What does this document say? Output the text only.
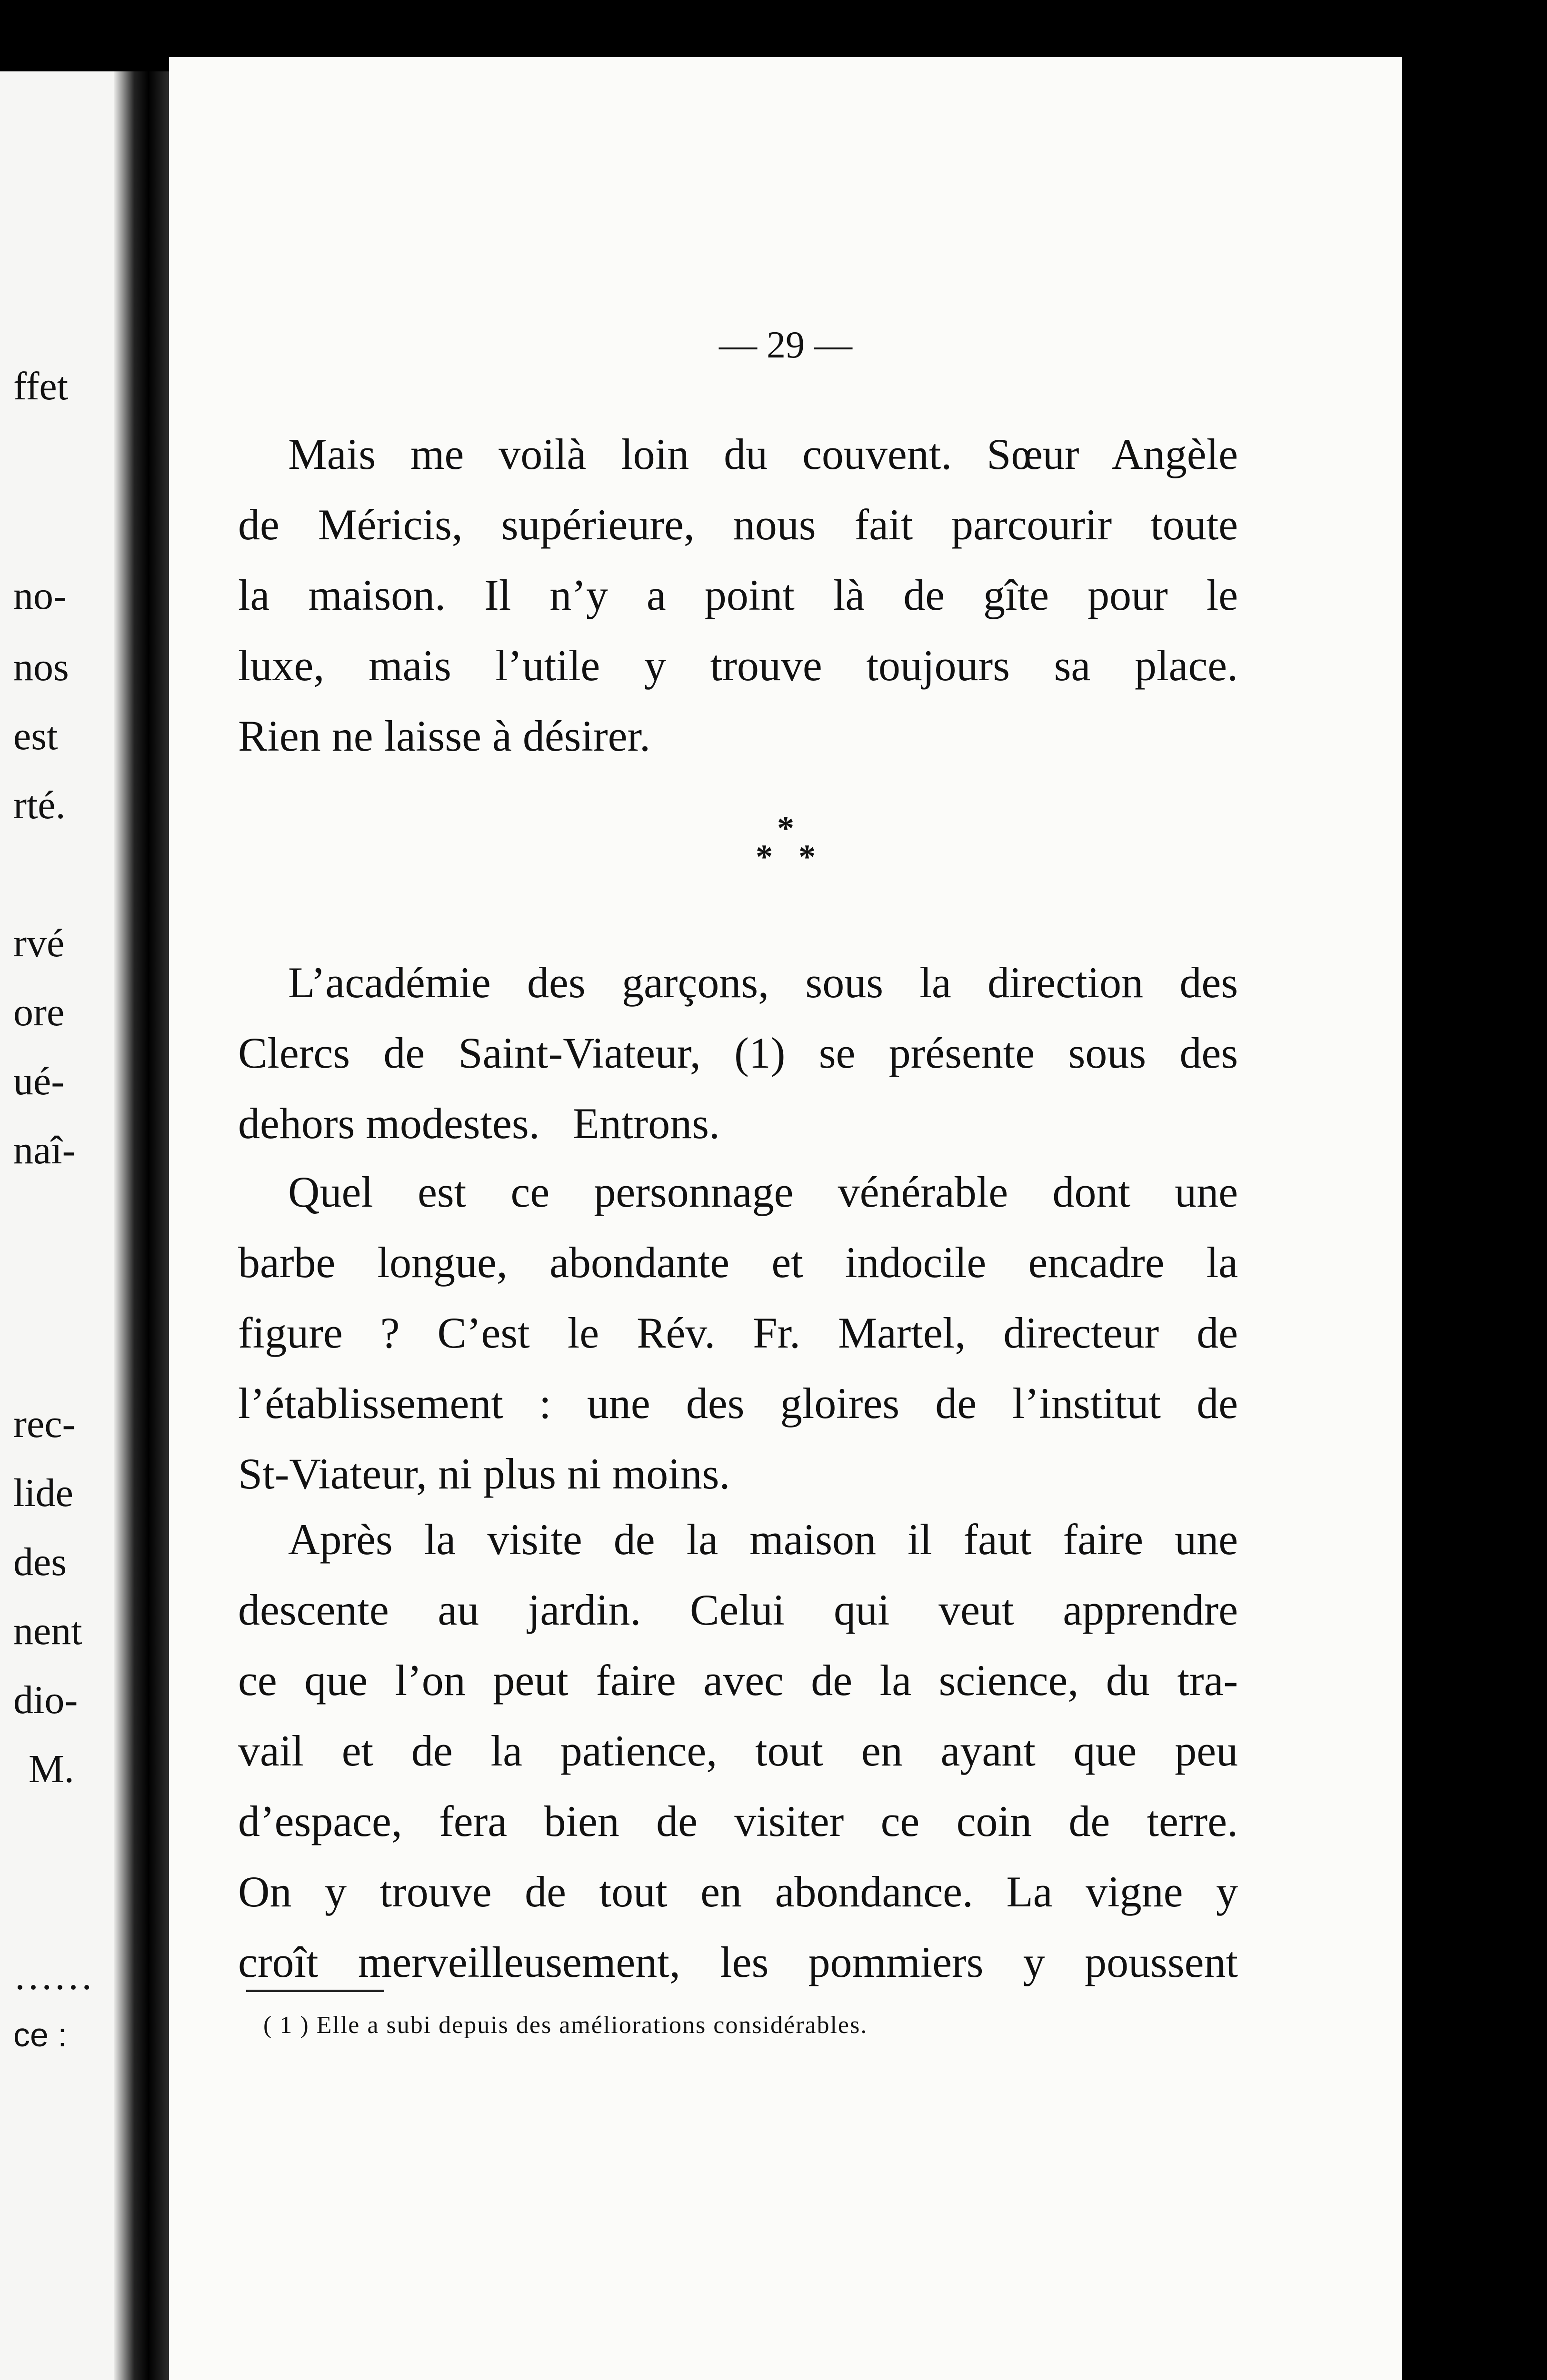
ffet
no-
nos
est
rté.
rvé
ore
ué-
naî-
rec-
lide
des
nent
dio-
M.
……
ce :
— 29 —
Mais me voilà loin du couvent. Sœur Angèle
de Méricis, supérieure, nous fait parcourir toute
la maison. Il n’y a point là de gîte pour le
luxe, mais l’utile y trouve toujours sa place.
Rien ne laisse à désirer.
*
*   *
L’académie des garçons, sous la direction des
Clercs de Saint-Viateur, (1) se présente sous des
dehors modestes.   Entrons.
Quel est ce personnage vénérable dont une
barbe longue, abondante et indocile encadre la
figure ? C’est le Rév. Fr. Martel, directeur de
l’établissement : une des gloires de l’institut de
St-Viateur, ni plus ni moins.
Après la visite de la maison il faut faire une
descente au jardin. Celui qui veut apprendre
ce que l’on peut faire avec de la science, du tra-
vail et de la patience, tout en ayant que peu
d’espace, fera bien de visiter ce coin de terre.
On y trouve de tout en abondance. La vigne y
croît merveilleusement, les pommiers y poussent
( 1 ) Elle a subi depuis des améliorations considérables.
